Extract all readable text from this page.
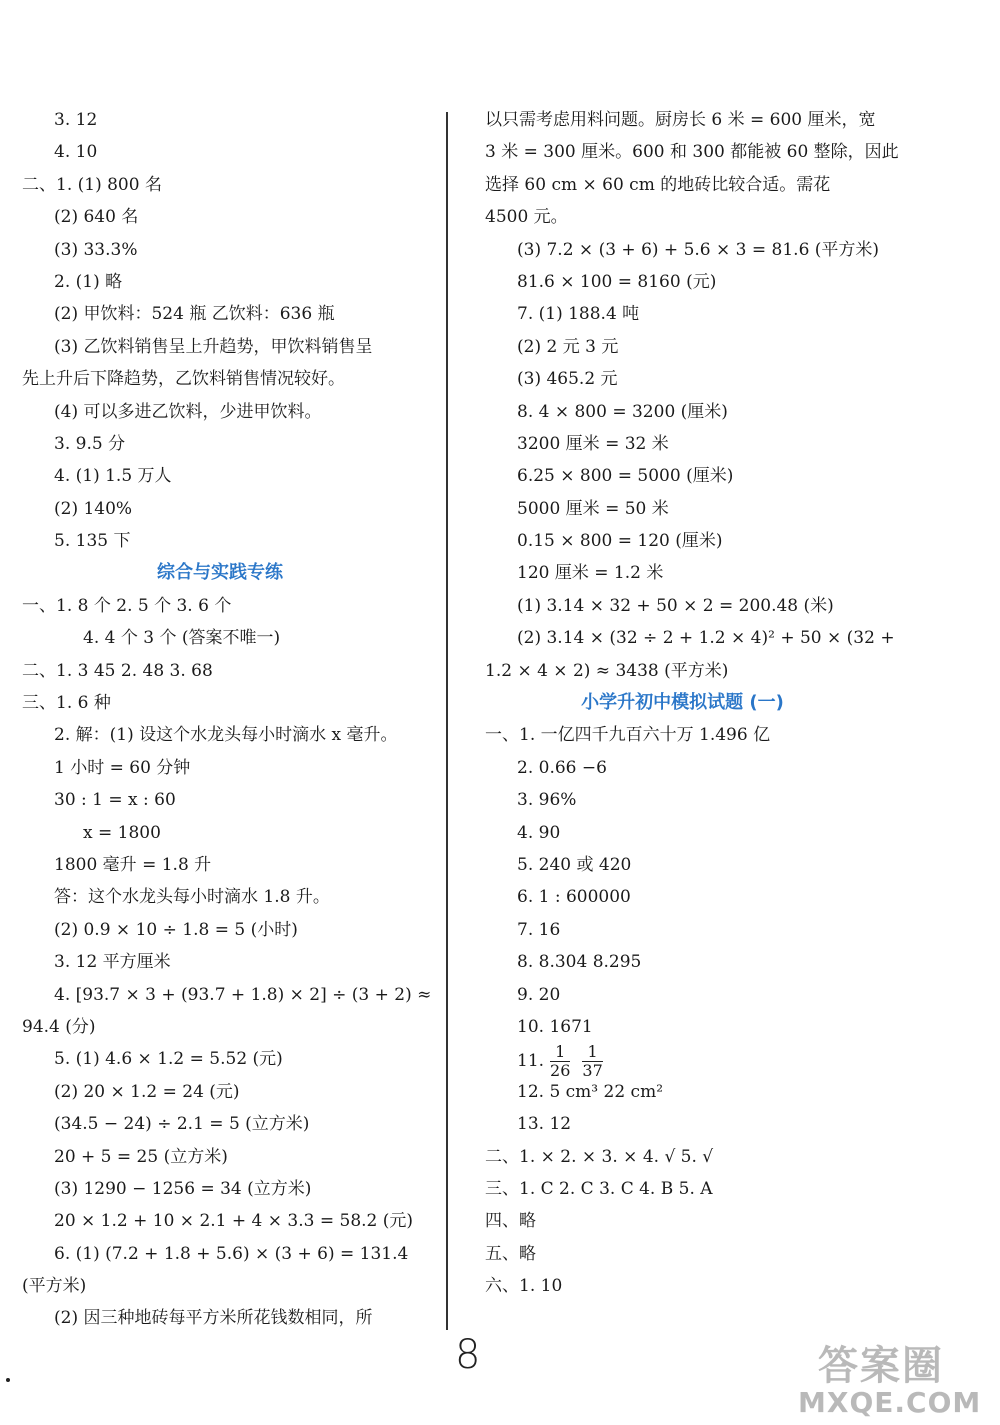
3. 12
4. 10
二、1. (1) 800 名
(2) 640 名
(3) 33.3%
2. (1) 略
(2) 甲饮料：524 瓶 乙饮料：636 瓶
(3) 乙饮料销售呈上升趋势，甲饮料销售呈
先上升后下降趋势，乙饮料销售情况较好。
(4) 可以多进乙饮料，少进甲饮料。
3. 9.5 分
4. (1) 1.5 万人
(2) 140%
5. 135 下
综合与实践专练
一、1. 8 个 2. 5 个 3. 6 个
4. 4 个 3 个 (答案不唯一)
二、1. 3 45 2. 48 3. 68
三、1. 6 种
2. 解：(1) 设这个水龙头每小时滴水 x 毫升。
1 小时 = 60 分钟
30 : 1 = x : 60
x = 1800
1800 毫升 = 1.8 升
答：这个水龙头每小时滴水 1.8 升。
(2) 0.9 × 10 ÷ 1.8 = 5 (小时)
3. 12 平方厘米
4. [93.7 × 3 + (93.7 + 1.8) × 2] ÷ (3 + 2) ≈
94.4 (分)
5. (1) 4.6 × 1.2 = 5.52 (元)
(2) 20 × 1.2 = 24 (元)
(34.5 − 24) ÷ 2.1 = 5 (立方米)
20 + 5 = 25 (立方米)
(3) 1290 − 1256 = 34 (立方米)
20 × 1.2 + 10 × 2.1 + 4 × 3.3 = 58.2 (元)
6. (1) (7.2 + 1.8 + 5.6) × (3 + 6) = 131.4
(平方米)
(2) 因三种地砖每平方米所花钱数相同，所
以只需考虑用料问题。厨房长 6 米 = 600 厘米，宽
3 米 = 300 厘米。600 和 300 都能被 60 整除，因此
选择 60 cm × 60 cm 的地砖比较合适。需花
4500 元。
(3) 7.2 × (3 + 6) + 5.6 × 3 = 81.6 (平方米)
81.6 × 100 = 8160 (元)
7. (1) 188.4 吨
(2) 2 元 3 元
(3) 465.2 元
8. 4 × 800 = 3200 (厘米)
3200 厘米 = 32 米
6.25 × 800 = 5000 (厘米)
5000 厘米 = 50 米
0.15 × 800 = 120 (厘米)
120 厘米 = 1.2 米
(1) 3.14 × 32 + 50 × 2 = 200.48 (米)
(2) 3.14 × (32 ÷ 2 + 1.2 × 4)² + 50 × (32 +
1.2 × 4 × 2) ≈ 3438 (平方米)
小学升初中模拟试题 (一)
一、1. 一亿四千九百六十万 1.496 亿
2. 0.66 −6
3. 96%
4. 90
5. 240 或 420
6. 1 : 600000
7. 16
8. 8.304 8.295
9. 20
10. 1671
11. $\frac{1}{26} \frac{1}{37}$
12. 5 cm³ 22 cm²
13. 12
二、1. × 2. × 3. × 4. √ 5. √
三、1. C 2. C 3. C 4. B 5. A
四、略
五、略
六、1. 10
8	答案圈
MXQE.COM
